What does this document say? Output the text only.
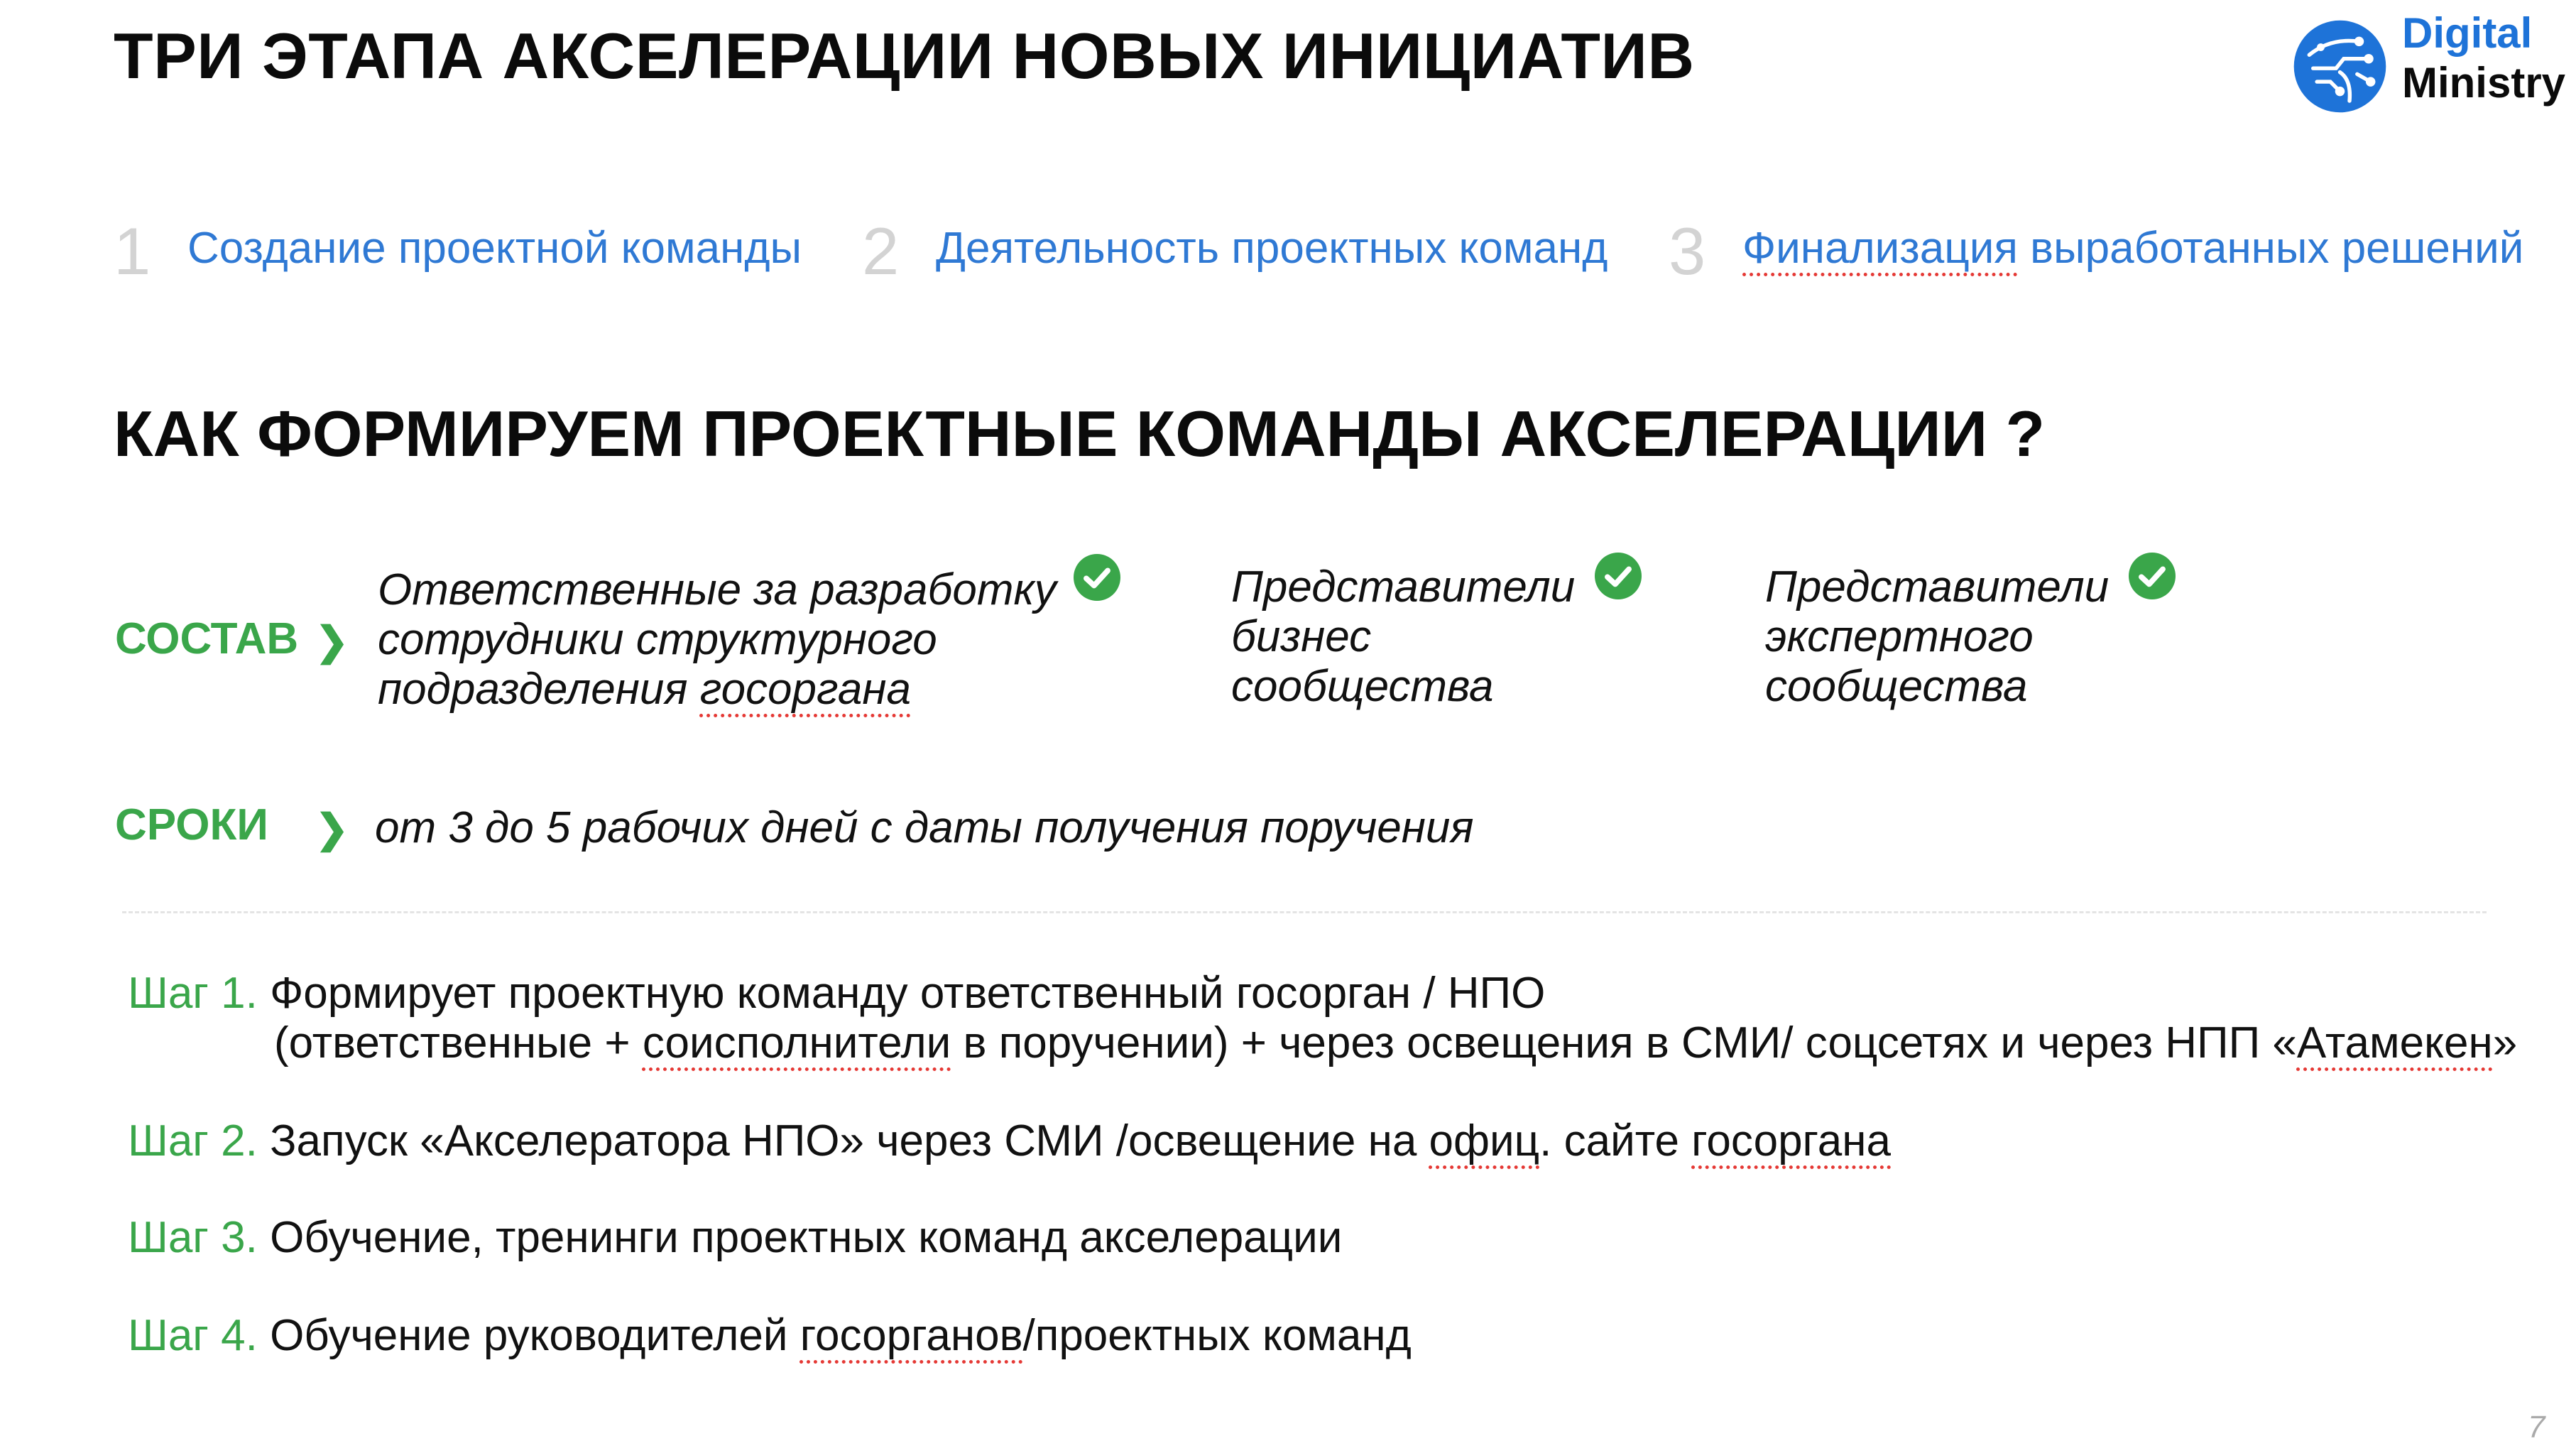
ТРИ ЭТАПА АКСЕЛЕРАЦИИ НОВЫХ ИНИЦИАТИВ	Digital
Ministry
1 Создание проектной команды 2 Деятельность проектных команд 3 Финализация выработанных решений
КАК ФОРМИРУЕМ ПРОЕКТНЫЕ КОМАНДЫ АКСЕЛЕРАЦИИ ?
СОСТАВ ❯
Ответственные за разработку
сотрудники структурного
подразделения госоргана
Представители
бизнес
сообщества
Представители
экспертного
сообщества
СРОКИ ❯ от 3 до 5 рабочих дней с даты получения поручения
Шаг 1. Формирует проектную команду ответственный госорган / НПО
(ответственные + соисполнители в поручении) + через освещения в СМИ/ соцсетях и через НПП «Атамекен»
Шаг 2. Запуск «Акселератора НПО» через СМИ /освещение на офиц. сайте госоргана
Шаг 3. Обучение, тренинги проектных команд акселерации
Шаг 4. Обучение руководителей госорганов/проектных команд
7
